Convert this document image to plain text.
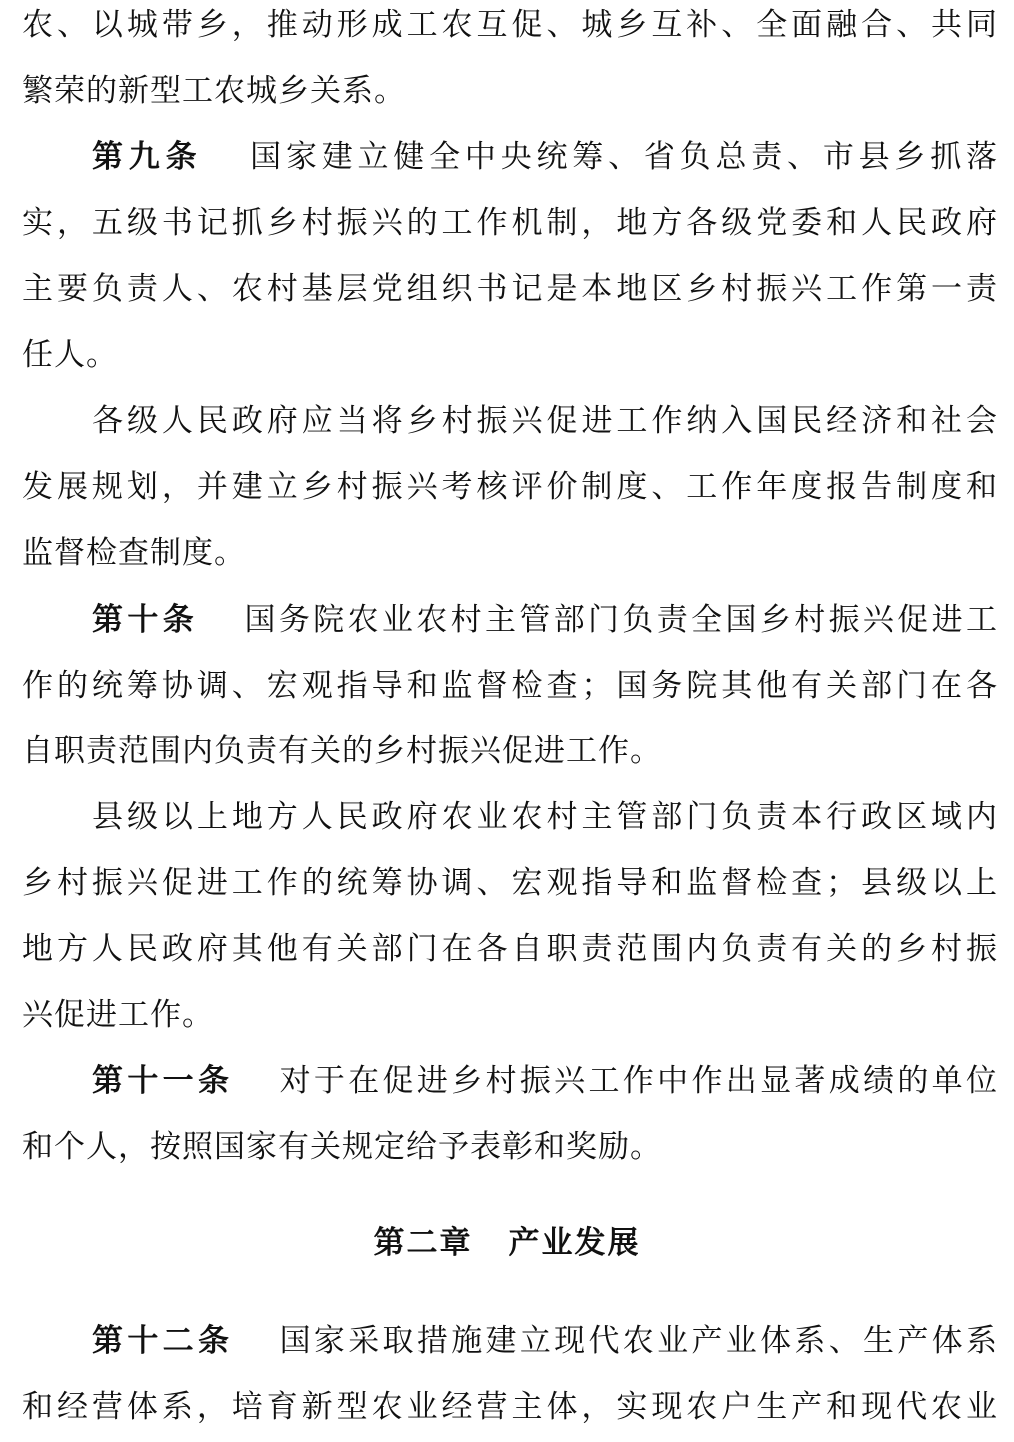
农、以城带乡，推动形成工农互促、城乡互补、全面融合、共同
繁荣的新型工农城乡关系。
第九条 国家建立健全中央统筹、省负总责、市县乡抓落
实，五级书记抓乡村振兴的工作机制，地方各级党委和人民政府
主要负责人、农村基层党组织书记是本地区乡村振兴工作第一责
任人。
各级人民政府应当将乡村振兴促进工作纳入国民经济和社会
发展规划，并建立乡村振兴考核评价制度、工作年度报告制度和
监督检查制度。
第十条 国务院农业农村主管部门负责全国乡村振兴促进工
作的统筹协调、宏观指导和监督检查；国务院其他有关部门在各
自职责范围内负责有关的乡村振兴促进工作。
县级以上地方人民政府农业农村主管部门负责本行政区域内
乡村振兴促进工作的统筹协调、宏观指导和监督检查；县级以上
地方人民政府其他有关部门在各自职责范围内负责有关的乡村振
兴促进工作。
第十一条 对于在促进乡村振兴工作中作出显著成绩的单位
和个人，按照国家有关规定给予表彰和奖励。
第二章 产业发展
第十二条 国家采取措施建立现代农业产业体系、生产体系
和经营体系，培育新型农业经营主体，实现农户生产和现代农业
